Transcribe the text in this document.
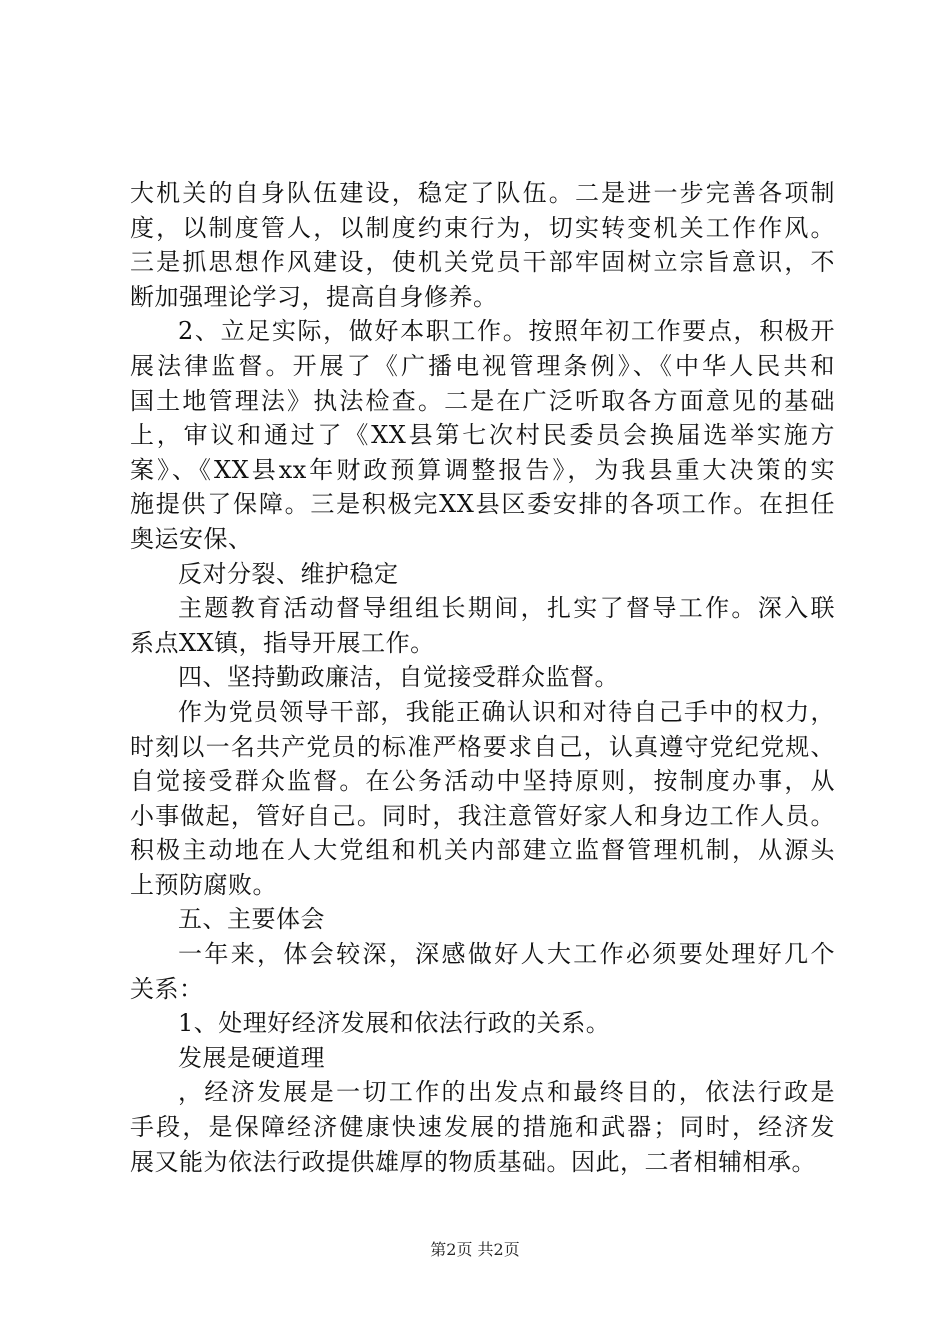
大机关的自身队伍建设，稳定了队伍。二是进一步完善各项制
度，以制度管人，以制度约束行为，切实转变机关工作作风。
三是抓思想作风建设，使机关党员干部牢固树立宗旨意识，不
断加强理论学习，提高自身修养。
2、立足实际，做好本职工作。按照年初工作要点，积极开
展法律监督。开展了《广播电视管理条例》、《中华人民共和
国土地管理法》执法检查。二是在广泛听取各方面意见的基础
上，审议和通过了《XX县第七次村民委员会换届选举实施方
案》、《XX县xx年财政预算调整报告》，为我县重大决策的实
施提供了保障。三是积极完XX县区委安排的各项工作。在担任
奥运安保、
反对分裂、维护稳定
主题教育活动督导组组长期间，扎实了督导工作。深入联
系点XX镇，指导开展工作。
四、坚持勤政廉洁，自觉接受群众监督。
作为党员领导干部，我能正确认识和对待自己手中的权力，
时刻以一名共产党员的标准严格要求自己，认真遵守党纪党规、
自觉接受群众监督。在公务活动中坚持原则，按制度办事，从
小事做起，管好自己。同时，我注意管好家人和身边工作人员。
积极主动地在人大党组和机关内部建立监督管理机制，从源头
上预防腐败。
五、主要体会
一年来，体会较深，深感做好人大工作必须要处理好几个
关系：
1、处理好经济发展和依法行政的关系。
发展是硬道理
，经济发展是一切工作的出发点和最终目的，依法行政是
手段，是保障经济健康快速发展的措施和武器；同时，经济发
展又能为依法行政提供雄厚的物质基础。因此，二者相辅相承。
第2页 共2页
